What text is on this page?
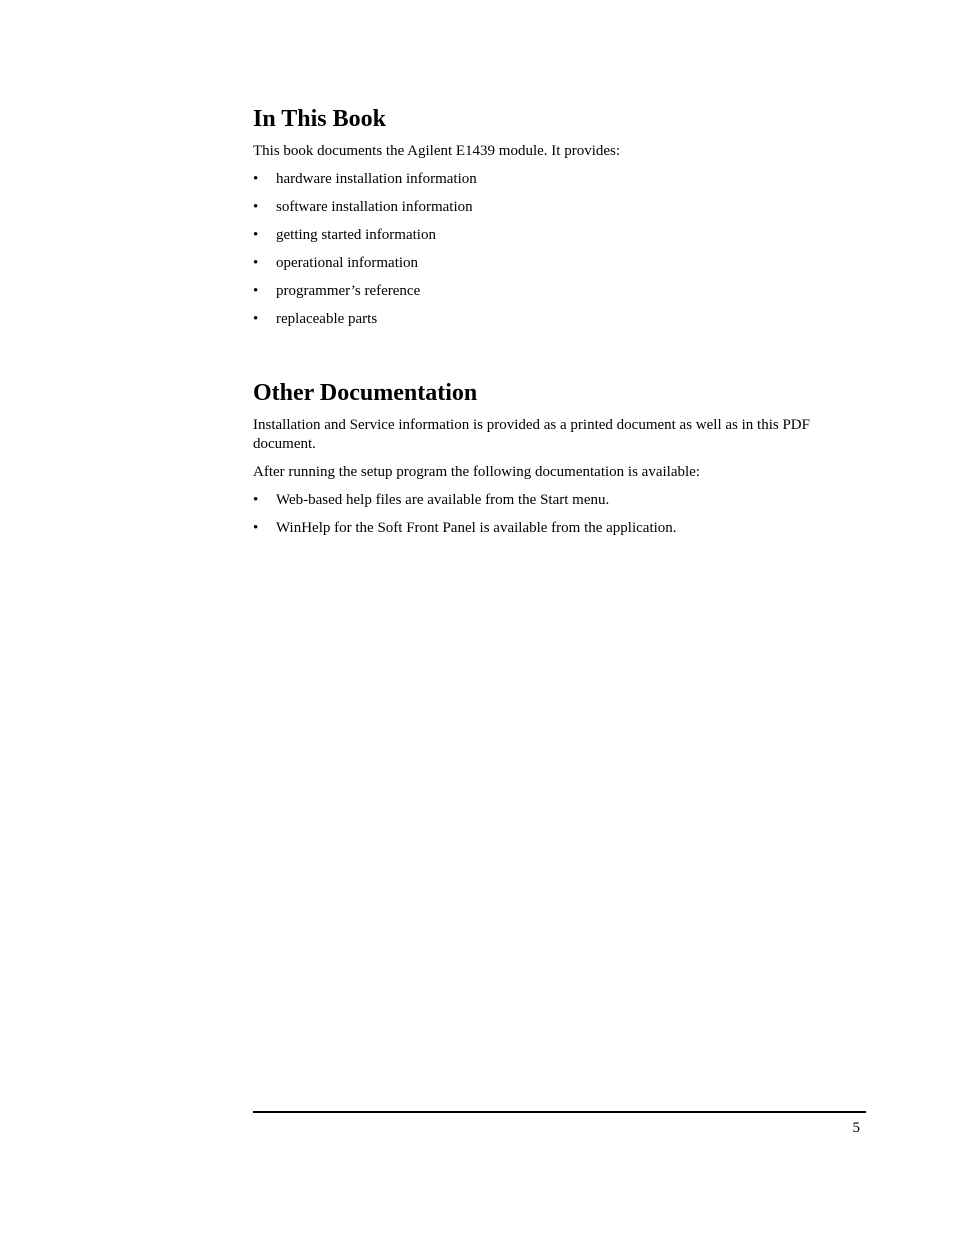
In This Book

This book documents the Agilent E1439 module. It provides:

•	hardware installation information
•	software installation information
•	getting started information
•	operational information
•	programmer’s reference
•	replaceable parts
Other Documentation

Installation and Service information is provided as a printed document as well as in this PDF document.

After running the setup program the following documentation is available:

•	Web-based help files are available from the Start menu.
•	WinHelp for the Soft Front Panel is available from the application.
5
